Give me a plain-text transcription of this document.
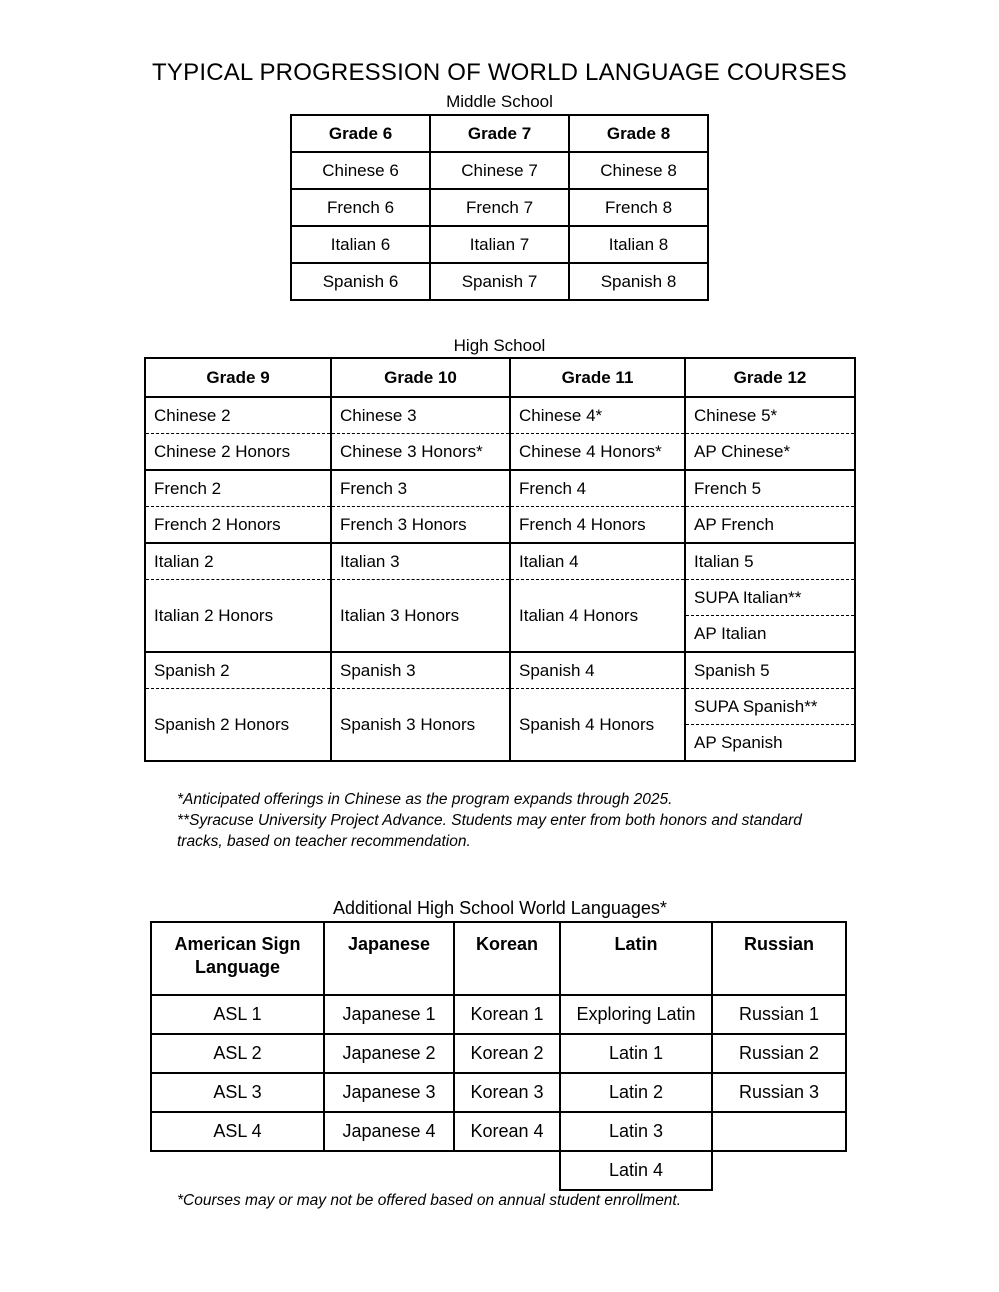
TYPICAL PROGRESSION OF WORLD LANGUAGE COURSES
Middle School
Grade 6	Grade 7	Grade 8
Chinese 6	Chinese 7	Chinese 8
French 6	French 7	French 8
Italian 6	Italian 7	Italian 8
Spanish 6	Spanish 7	Spanish 8
High School
Grade 9	Grade 10	Grade 11	Grade 12
Chinese 2	Chinese 3	Chinese 4*	Chinese 5*
Chinese 2 Honors	Chinese 3 Honors*	Chinese 4 Honors*	AP Chinese*
French 2	French 3	French 4	French 5
French 2 Honors	French 3 Honors	French 4 Honors	AP French
Italian 2	Italian 3	Italian 4	Italian 5
Italian 2 Honors	Italian 3 Honors	Italian 4 Honors	SUPA Italian**
			AP Italian
Spanish 2	Spanish 3	Spanish 4	Spanish 5
Spanish 2 Honors	Spanish 3 Honors	Spanish 4 Honors	SUPA Spanish**
			AP Spanish
*Anticipated offerings in Chinese as the program expands through 2025.
**Syracuse University Project Advance. Students may enter from both honors and standard
tracks, based on teacher recommendation.
Additional High School World Languages*
American Sign Language	Japanese	Korean	Latin	Russian
ASL 1	Japanese 1	Korean 1	Exploring Latin	Russian 1
ASL 2	Japanese 2	Korean 2	Latin 1	Russian 2
ASL 3	Japanese 3	Korean 3	Latin 2	Russian 3
ASL 4	Japanese 4	Korean 4	Latin 3	
			Latin 4	
*Courses may or may not be offered based on annual student enrollment.
